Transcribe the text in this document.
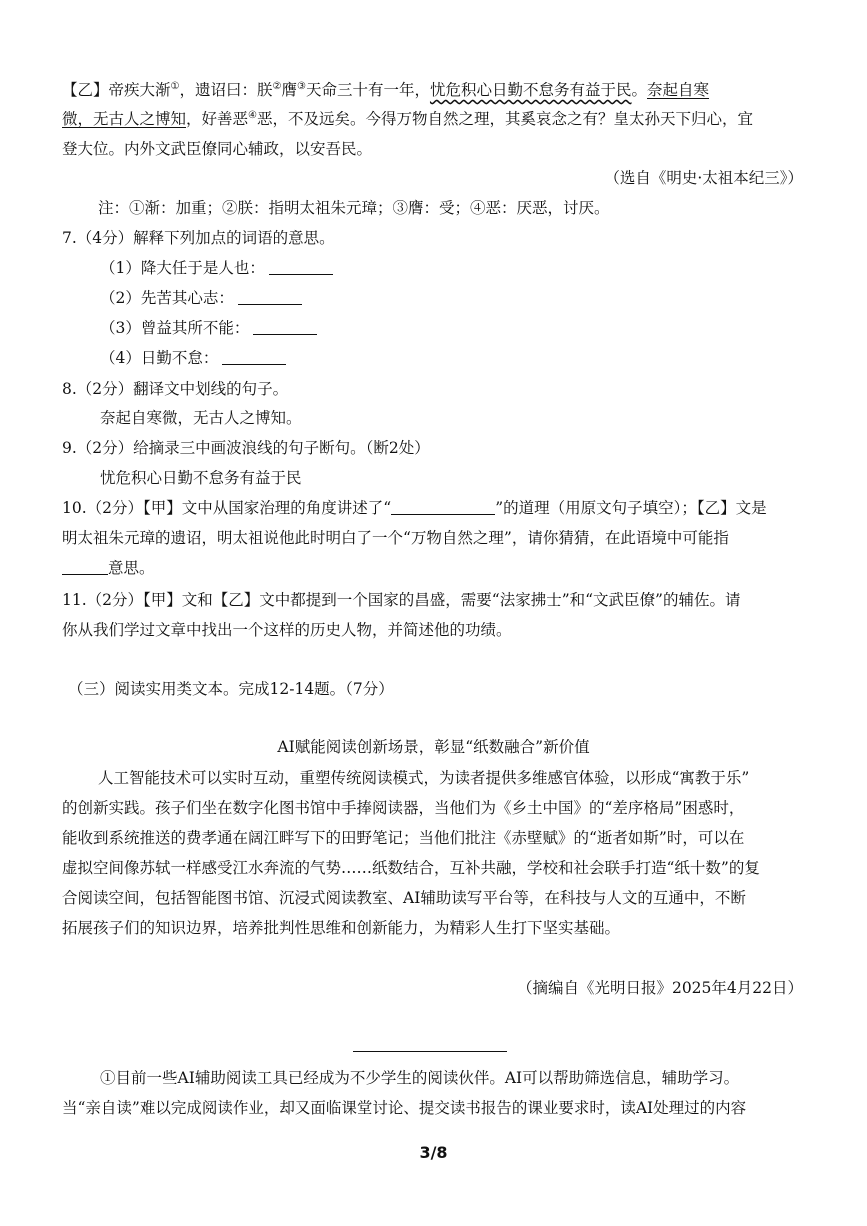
【乙】帝疾大渐①，遗诏曰：朕②膺③天命三十有一年，忧危积心日勤不怠务有益于民。奈起自寒
微，无古人之博知，好善恶④恶，不及远矣。今得万物自然之理，其奚哀念之有？皇太孙天下归心，宜
登大位。内外文武臣僚同心辅政，以安吾民。
（选自《明史·太祖本纪三》）
注：①渐：加重；②朕：指明太祖朱元璋；③膺：受；④恶：厌恶，讨厌。
7.（4分）解释下列加点的词语的意思。
（1）降大任于是人也：
（2）先苦其心志：
（3）曾益其所不能：
（4）日勤不怠：
8.（2分）翻译文中划线的句子。
奈起自寒微，无古人之博知。
9.（2分）给摘录三中画波浪线的句子断句。（断2处）
忧危积心日勤不怠务有益于民
10.（2分）【甲】文中从国家治理的角度讲述了“	”的道理（用原文句子填空）；【乙】文是
明太祖朱元璋的遗诏，明太祖说他此时明白了一个“万物自然之理”，请你猜猜，在此语境中可能指
意思。
11.（2分）【甲】文和【乙】文中都提到一个国家的昌盛，需要“法家拂士”和“文武臣僚”的辅佐。请
你从我们学过文章中找出一个这样的历史人物，并简述他的功绩。
（三）阅读实用类文本。完成12-14题。（7分）
AI赋能阅读创新场景，彰显“纸数融合”新价值
人工智能技术可以实时互动，重塑传统阅读模式，为读者提供多维感官体验，以形成“寓教于乐”
的创新实践。孩子们坐在数字化图书馆中手捧阅读器，当他们为《乡土中国》的“差序格局”困惑时，
能收到系统推送的费孝通在阔江畔写下的田野笔记；当他们批注《赤壁赋》的“逝者如斯”时，可以在
虚拟空间像苏轼一样感受江水奔流的气势……纸数结合，互补共融，学校和社会联手打造“纸十数”的复
合阅读空间，包括智能图书馆、沉浸式阅读教室、AI辅助读写平台等，在科技与人文的互通中，不断
拓展孩子们的知识边界，培养批判性思维和创新能力，为精彩人生打下坚实基础。
（摘编自《光明日报》2025年4月22日）
①目前一些AI辅助阅读工具已经成为不少学生的阅读伙伴。AI可以帮助筛选信息，辅助学习。
当“亲自读”难以完成阅读作业，却又面临课堂讨论、提交读书报告的课业要求时，读AI处理过的内容
3/8
